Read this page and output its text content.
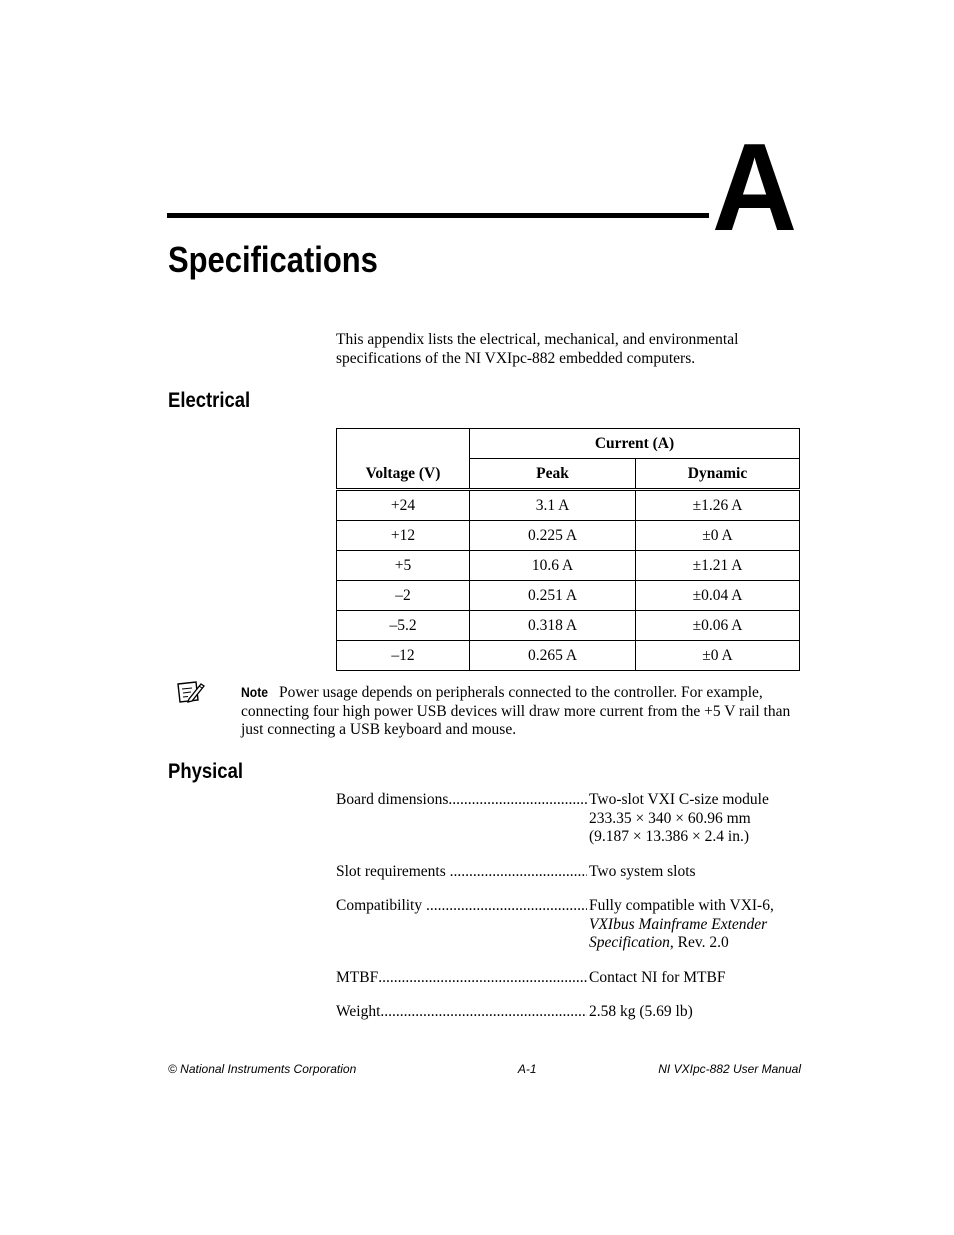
A
Specifications
This appendix lists the electrical, mechanical, and environmental specifications of the NI VXIpc-882 embedded computers.
Electrical
Voltage (V)	Current (A)	
	Peak	Dynamic
+24	3.1 A	±1.26 A
+12	0.225 A	±0 A
+5	10.6 A	±1.21 A
–2	0.251 A	±0.04 A
–5.2	0.318 A	±0.06 A
–12	0.265 A	±0 A
Note Power usage depends on peripherals connected to the controller. For example, connecting four high power USB devices will draw more current from the +5 V rail than just connecting a USB keyboard and mouse.
Physical
Board dimensions .....	Two-slot VXI C-size module
233.35 × 340 × 60.96 mm
(9.187 × 13.386 × 2.4 in.)
Slot requirements .....	Two system slots
Compatibility .....	Fully compatible with VXI-6,
VXIbus Mainframe Extender
Specification, Rev. 2.0
MTBF .....	Contact NI for MTBF
Weight .....	2.58 kg (5.69 lb)
© National Instruments Corporation	A-1	NI VXIpc-882 User Manual
